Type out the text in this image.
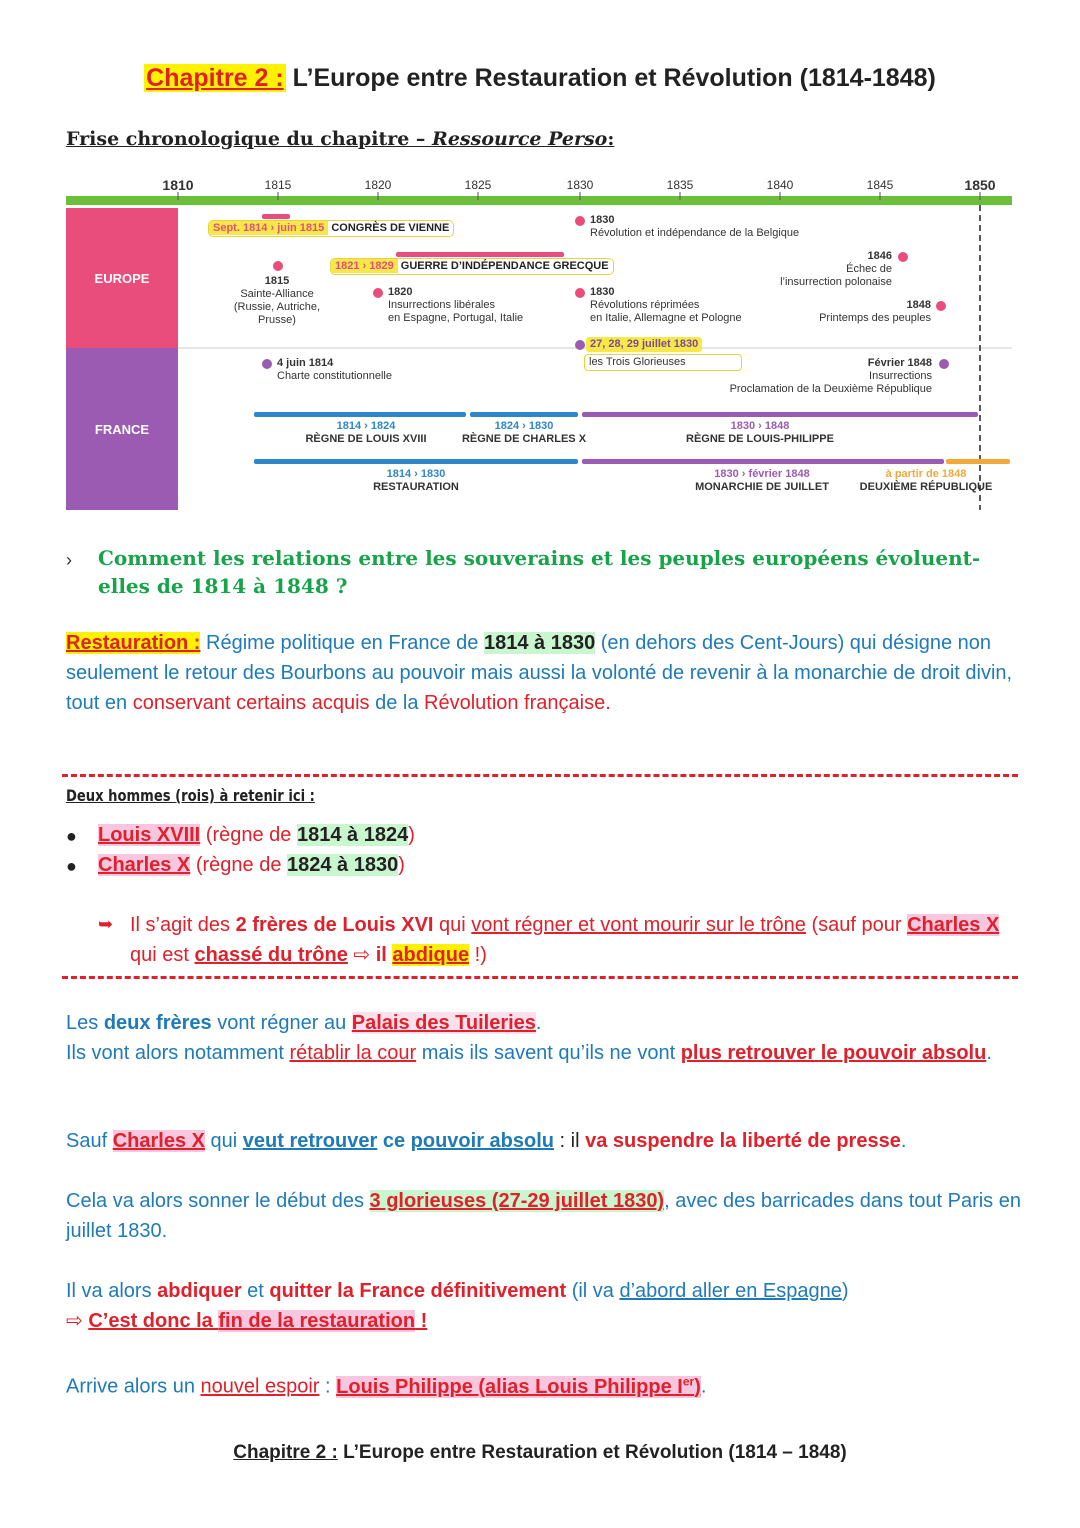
Chapitre 2 : L’Europe entre Restauration et Révolution (1814-1848)
Frise chronologique du chapitre – Ressource Perso:
EUROPE
FRANCE
1810	1815	1820	1825	1830	1835	1840	1845	1850
Sept. 1814 › juin 1815 CONGRÈS DE VIENNE
1815
Sainte-Alliance
(Russie, Autriche,
Prusse)
1821 › 1829 GUERRE D’INDÉPENDANCE GRECQUE
1820
Insurrections libérales
en Espagne, Portugal, Italie
1830
Révolution et indépendance de la Belgique
1830
Révolutions réprimées
en Italie, Allemagne et Pologne
1846
Échec de
l’insurrection polonaise
1848
Printemps des peuples
27, 28, 29 juillet 1830
les Trois Glorieuses
4 juin 1814
Charte constitutionnelle
Février 1848
Insurrections
Proclamation de la Deuxième République
1814 › 1824
RÈGNE DE LOUIS XVIII
1824 › 1830
RÈGNE DE CHARLES X
1830 › 1848
RÈGNE DE LOUIS-PHILIPPE
1814 › 1830
RESTAURATION
1830 › février 1848
MONARCHIE DE JUILLET
à partir de 1848
DEUXIÈME RÉPUBLIQUE
› Comment les relations entre les souverains et les peuples européens évoluent-elles de 1814 à 1848 ?
Restauration : Régime politique en France de 1814 à 1830 (en dehors des Cent-Jours) qui désigne non seulement le retour des Bourbons au pouvoir mais aussi la volonté de revenir à la monarchie de droit divin, tout en conservant certains acquis de la Révolution française.
Deux hommes (rois) à retenir ici :
● Louis XVIII (règne de 1814 à 1824)
● Charles X (règne de 1824 à 1830)
➥ Il s’agit des 2 frères de Louis XVI qui vont régner et vont mourir sur le trône (sauf pour Charles X qui est chassé du trône ⇨ il abdique !)
Les deux frères vont régner au Palais des Tuileries.
Ils vont alors notamment rétablir la cour mais ils savent qu’ils ne vont plus retrouver le pouvoir absolu.
Sauf Charles X qui veut retrouver ce pouvoir absolu : il va suspendre la liberté de presse.
Cela va alors sonner le début des 3 glorieuses (27-29 juillet 1830), avec des barricades dans tout Paris en juillet 1830.
Il va alors abdiquer et quitter la France définitivement (il va d’abord aller en Espagne)
⇨ C’est donc la fin de la restauration !
Arrive alors un nouvel espoir : Louis Philippe (alias Louis Philippe Ier).
Chapitre 2 : L’Europe entre Restauration et Révolution (1814 – 1848)
